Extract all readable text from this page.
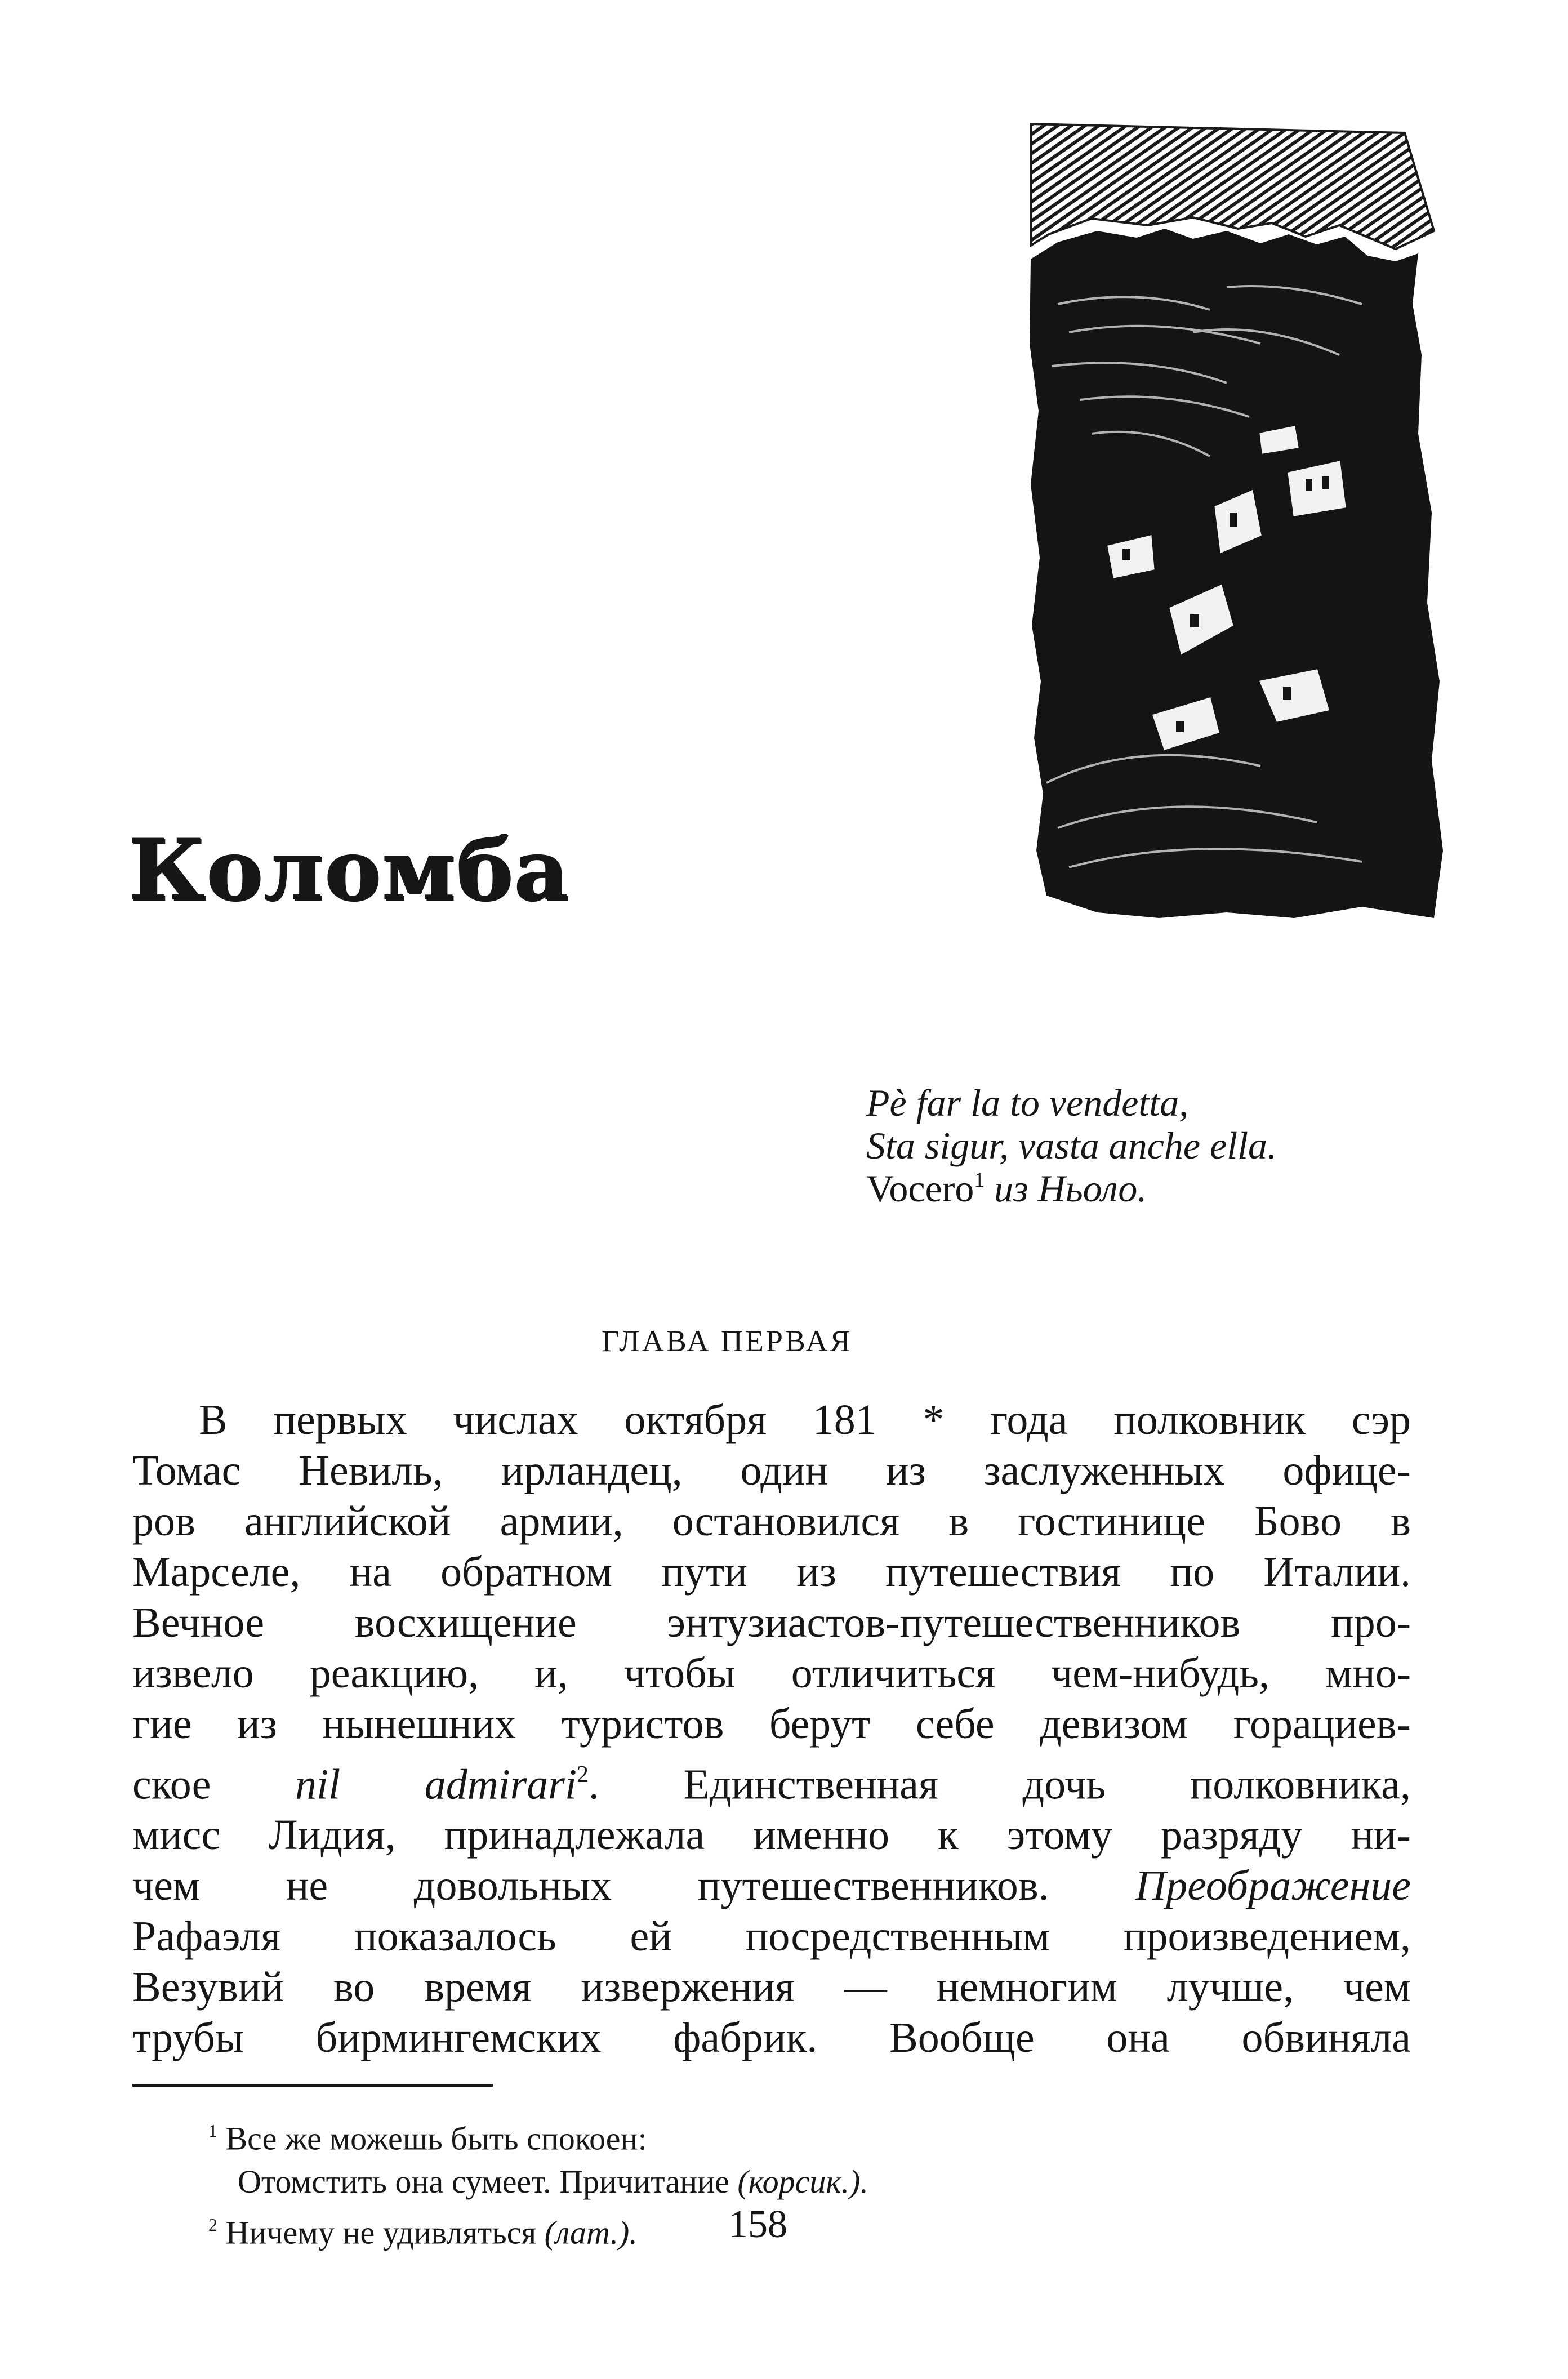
Коломба
Pè far la to vendetta,
Sta sigur, vasta anche ella.
Vocero$^1$ из Ньоло.
ГЛАВА ПЕРВАЯ
В первых числах октября 181 * года полковник сэр
Томас Невиль, ирландец, один из заслуженных офице-
ров английской армии, остановился в гостинице Бово в
Марселе, на обратном пути из путешествия по Италии.
Вечное восхищение энтузиастов-путешественников про-
извело реакцию, и, чтобы отличиться чем-нибудь, мно-
гие из нынешних туристов берут себе девизом горациев-
ское nil admirari$^2$. Единственная дочь полковника,
мисс Лидия, принадлежала именно к этому разряду ни-
чем не довольных путешественников. Преображение
Рафаэля показалось ей посредственным произведением,
Везувий во время извержения — немногим лучше, чем
трубы бирмингемских фабрик. Вообще она обвиняла
$^1$ Все же можешь быть спокоен:
Отомстить она сумеет. Причитание (корсик.).
$^2$ Ничему не удивляться (лат.).	158
